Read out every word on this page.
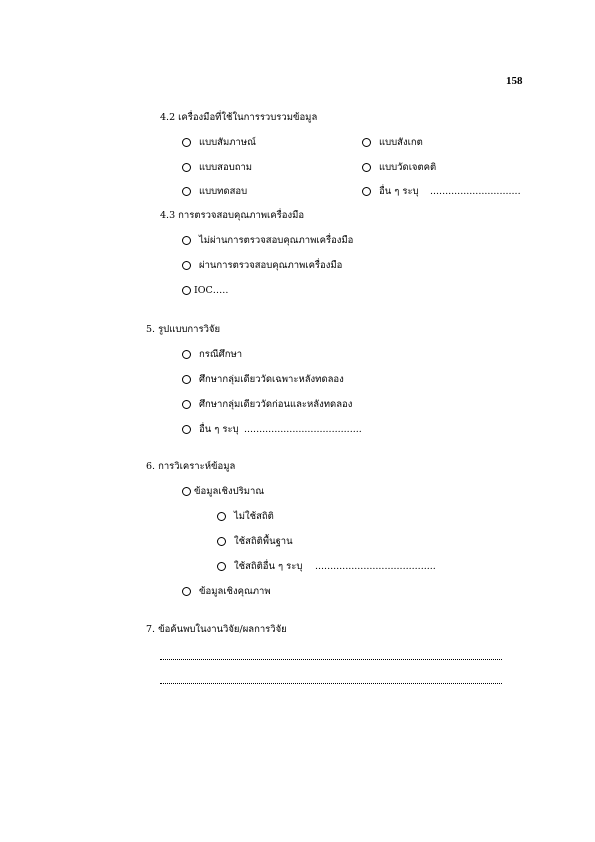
158
4.2 เครื่องมือที่ใช้ในการรวบรวมข้อมูล
แบบสัมภาษณ์
แบบสอบถาม
แบบทดสอบ
แบบสังเกต
แบบวัดเจตคติ
อื่น ๆ ระบุ ..............................
4.3 การตรวจสอบคุณภาพเครื่องมือ
ไม่ผ่านการตรวจสอบคุณภาพเครื่องมือ
ผ่านการตรวจสอบคุณภาพเครื่องมือ
IOC…..
5. รูปแบบการวิจัย
กรณีศึกษา
ศึกษากลุ่มเดียววัดเฉพาะหลังทดลอง
ศึกษากลุ่มเดียววัดก่อนและหลังทดลอง
อื่น ๆ ระบุ .......................................
6. การวิเคราะห์ข้อมูล
ข้อมูลเชิงปริมาณ
ไม่ใช้สถิติ
ใช้สถิติพื้นฐาน
ใช้สถิติอื่น ๆ ระบุ ........................................
ข้อมูลเชิงคุณภาพ
7. ข้อค้นพบในงานวิจัย/ผลการวิจัย
